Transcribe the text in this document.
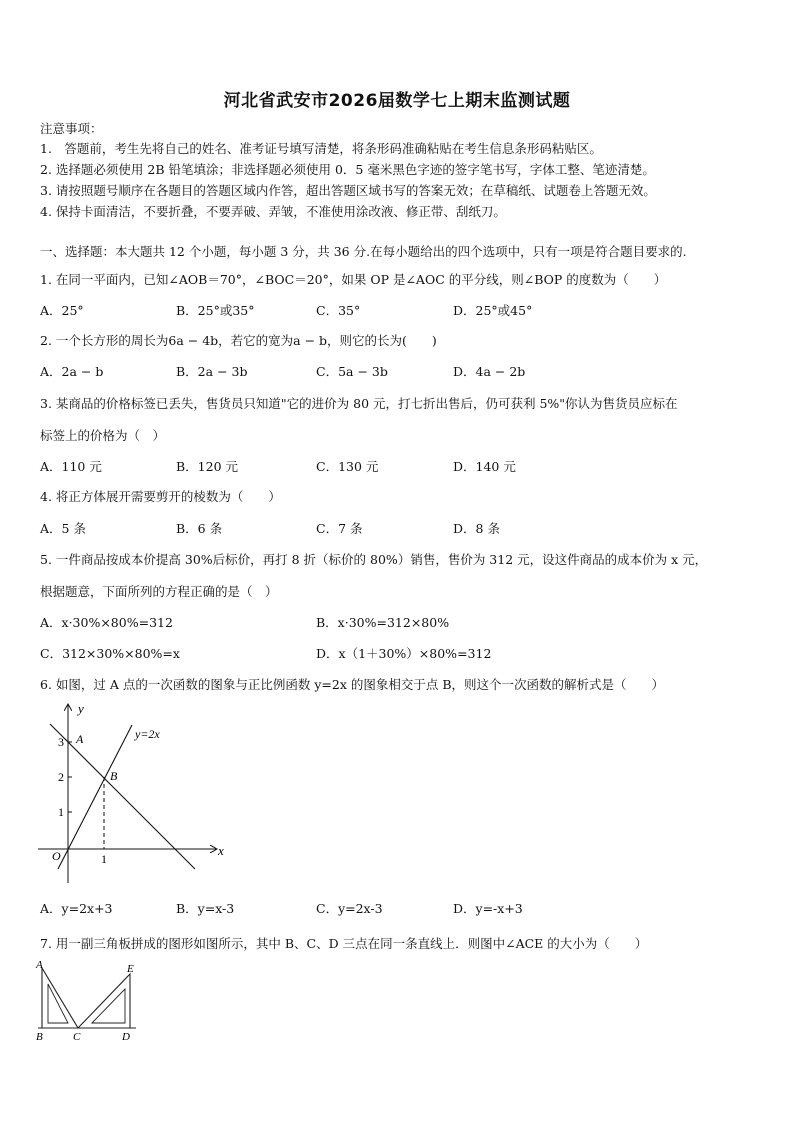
河北省武安市2026届数学七上期末监测试题
注意事项：
1.　答题前，考生先将自己的姓名、准考证号填写清楚，将条形码准确粘贴在考生信息条形码粘贴区。
2. 选择题必须使用 2B 铅笔填涂；非选择题必须使用 0．5 毫米黑色字迹的签字笔书写，字体工整、笔迹清楚。
3. 请按照题号顺序在各题目的答题区域内作答，超出答题区域书写的答案无效；在草稿纸、试题卷上答题无效。
4. 保持卡面清洁，不要折叠，不要弄破、弄皱，不准使用涂改液、修正带、刮纸刀。
一、选择题：本大题共 12 个小题，每小题 3 分，共 36 分.在每小题给出的四个选项中，只有一项是符合题目要求的.
1. 在同一平面内，已知∠AOB＝70°，∠BOC＝20°，如果 OP 是∠AOC 的平分线，则∠BOP 的度数为（　　）
A．25°	B．25°或35°	C．35°	D．25°或45°
2. 一个长方形的周长为6a − 4b，若它的宽为a − b，则它的长为(　　)
A．2a − b	B．2a − 3b	C．5a − 3b	D．4a − 2b
3. 某商品的价格标签已丢失，售货员只知道"它的进价为 80 元，打七折出售后，仍可获利 5%"你认为售货员应标在
标签上的价格为（　）
A．110 元	B．120 元	C．130 元	D．140 元
4. 将正方体展开需要剪开的棱数为（　　）
A．5 条	B．6 条	C．7 条	D．8 条
5. 一件商品按成本价提高 30%后标价，再打 8 折（标价的 80%）销售，售价为 312 元，设这件商品的成本价为 x 元，
根据题意，下面所列的方程正确的是（　）
A．x·30%×80%=312	B．x·30%=312×80%
C．312×30%×80%=x	D．x（1＋30%）×80%=312
6. 如图，过 A 点的一次函数的图象与正比例函数 y=2x 的图象相交于点 B，则这个一次函数的解析式是（　　）
y
x
y=2x
3 A
2	B
1
O	1
A．y=2x+3	B．y=x-3	C．y=2x-3	D．y=-x+3
7. 用一副三角板拼成的图形如图所示，其中 B、C、D 三点在同一条直线上．则图中∠ACE 的大小为（　　）
A	E
B	C	D
